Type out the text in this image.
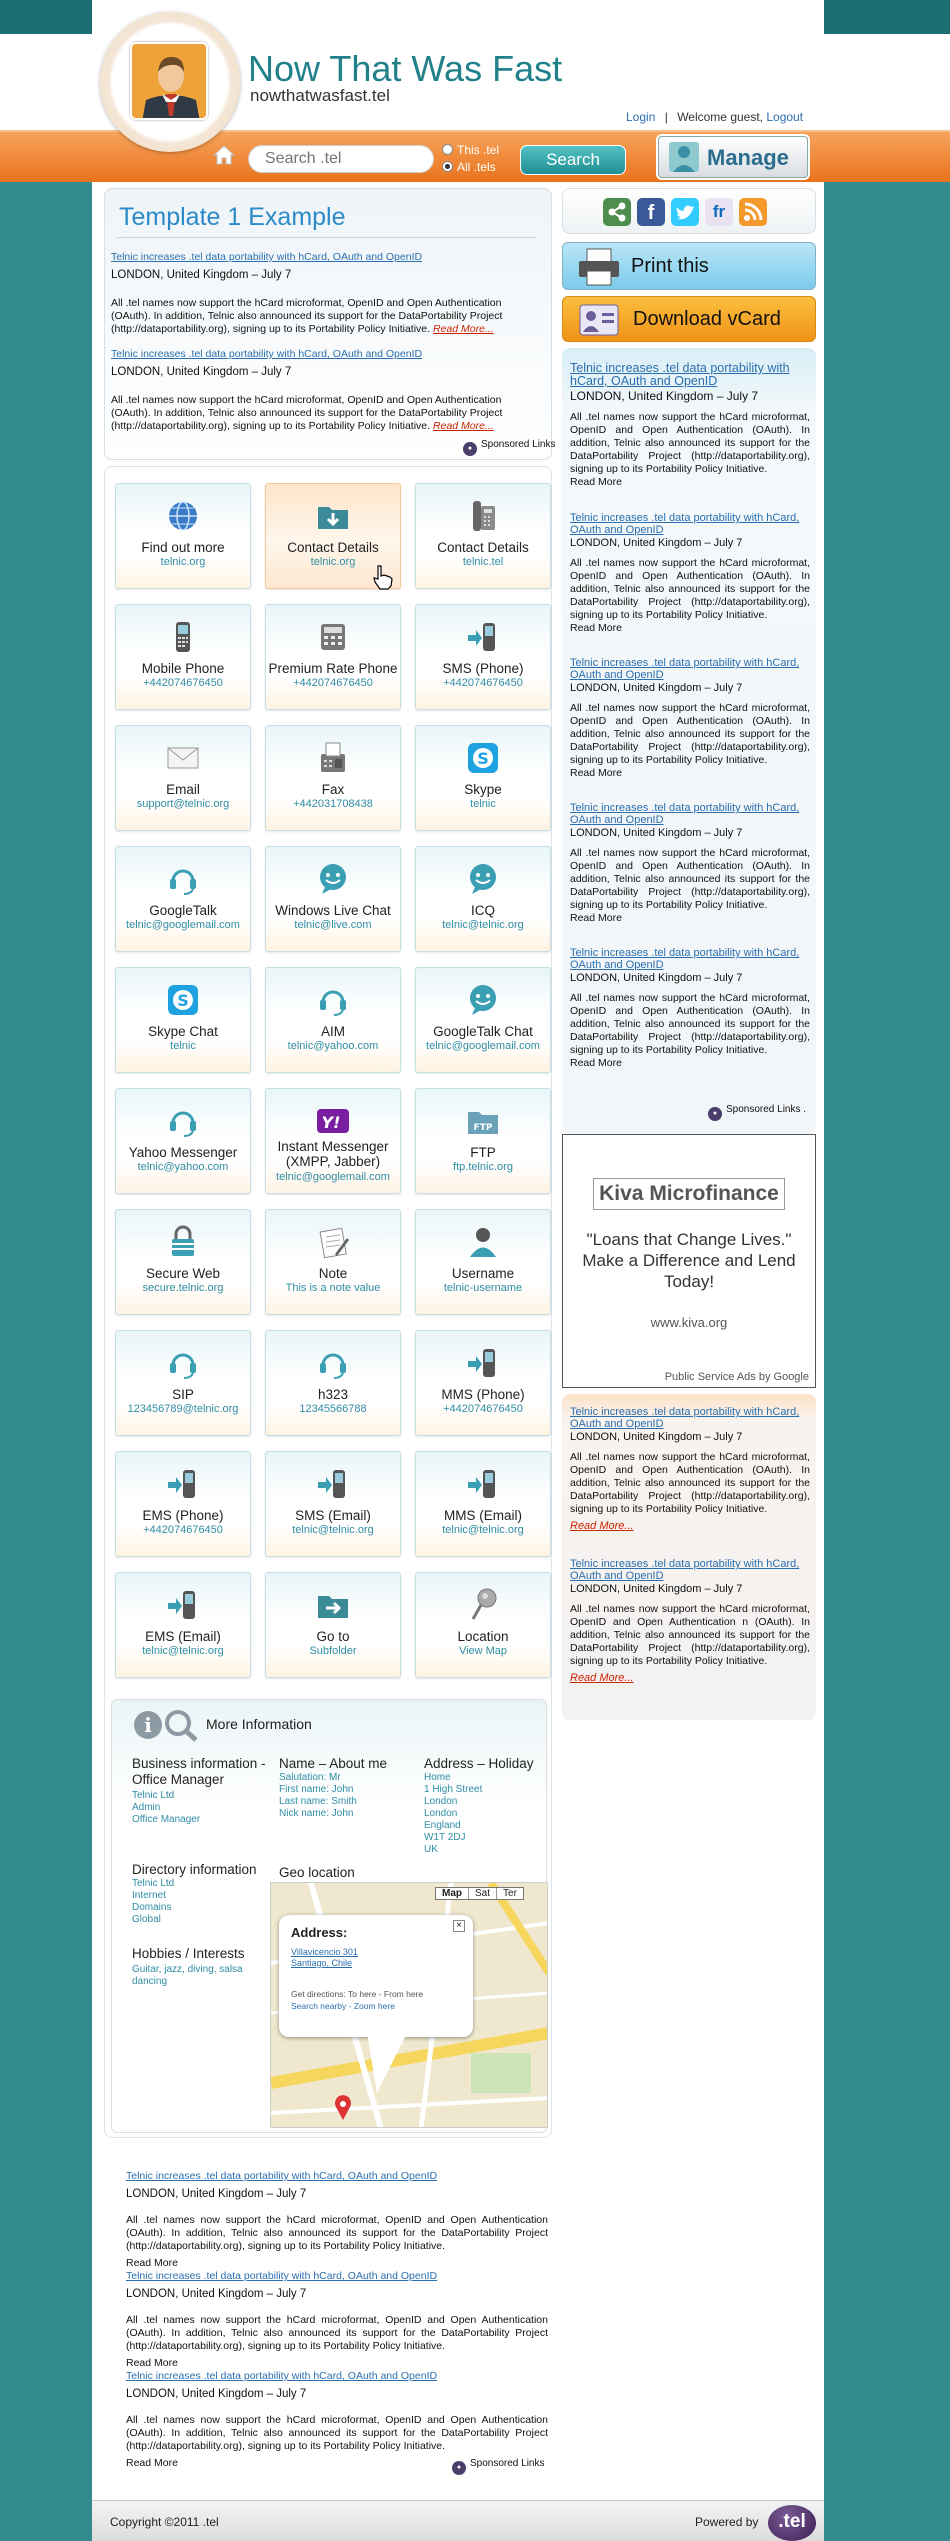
Now That Was Fast
nowthatwasfast.tel
Login | Welcome guest, Logout
Search .tel
This .tel
All .tels	Search	Manage
Template 1 Example
Telnic increases .tel data portability with hCard, OAuth and OpenID
LONDON, United Kingdom – July 7

All .tel names now support the hCard microformat, OpenID and Open Authentication (OAuth). In addition, Telnic also announced its support for the DataPortability Project (http://dataportability.org), signing up to its Portability Policy Initiative. Read More...

Telnic increases .tel data portability with hCard, OAuth and OpenID
LONDON, United Kingdom – July 7

All .tel names now support the hCard microformat, OpenID and Open Authentication (OAuth). In addition, Telnic also announced its support for the DataPortability Project (http://dataportability.org), signing up to its Portability Policy Initiative. Read More...

● Sponsored Links
Find out more
telnic.org
Contact Details
telnic.org
Contact Details
telnic.tel
Mobile Phone
+442074676450
Premium Rate Phone
+442074676450
SMS (Phone)
+442074676450
Email
support@telnic.org
Fax
+442031708438
S
Skype
telnic
GoogleTalk
telnic@googlemail.com
Windows Live Chat
telnic@live.com
ICQ
telnic@telnic.org
S
Skype Chat
telnic
AIM
telnic@yahoo.com
GoogleTalk Chat
telnic@googlemail.com
Yahoo Messenger
telnic@yahoo.com
Y!
Instant Messenger (XMPP, Jabber)
telnic@googlemail.com
FTP
FTP
ftp.telnic.org
Secure Web
secure.telnic.org
Note
This is a note value
Username
telnic-username
SIP
123456789@telnic.org
h323
12345566788
MMS (Phone)
+442074676450
EMS (Phone)
+442074676450
SMS (Email)
telnic@telnic.org
MMS (Email)
telnic@telnic.org
EMS (Email)
telnic@telnic.org
Go to
Subfolder
Location
View Map
i	More Information
Business information - Office Manager
Telnic Ltd
Admin
Office Manager
Name – About me
Salutation: Mr
First name: John
Last name: Smith
Nick name: John
Address – Holiday
Home
1 High Street
London
London
England
W1T 2DJ
UK
Directory information
Telnic Ltd
Internet
Domains
Global
Geo location
Hobbies / Interests
Guitar, jazz, diving, salsa
dancing
Map Sat Ter
Address:	×
Villavicencio 301
Santiago, Chile
Get directions: To here - From here
Search nearby - Zoom here
f	fr
Print this
Download vCard
Telnic increases .tel data portability with hCard, OAuth and OpenID
LONDON, United Kingdom – July 7
All .tel names now support the hCard microformat, OpenID and Open Authentication (OAuth). In addition, Telnic also announced its support for the DataPortability Project (http://dataportability.org), signing up to its Portability Policy Initiative.
Read More
Telnic increases .tel data portability with hCard, OAuth and OpenID
LONDON, United Kingdom – July 7
All .tel names now support the hCard microformat, OpenID and Open Authentication (OAuth). In addition, Telnic also announced its support for the DataPortability Project (http://dataportability.org), signing up to its Portability Policy Initiative.
Read More
Telnic increases .tel data portability with hCard, OAuth and OpenID
LONDON, United Kingdom – July 7
All .tel names now support the hCard microformat, OpenID and Open Authentication (OAuth). In addition, Telnic also announced its support for the DataPortability Project (http://dataportability.org), signing up to its Portability Policy Initiative.
Read More
Telnic increases .tel data portability with hCard, OAuth and OpenID
LONDON, United Kingdom – July 7
All .tel names now support the hCard microformat, OpenID and Open Authentication (OAuth). In addition, Telnic also announced its support for the DataPortability Project (http://dataportability.org), signing up to its Portability Policy Initiative.
Read More
Telnic increases .tel data portability with hCard, OAuth and OpenID
LONDON, United Kingdom – July 7
All .tel names now support the hCard microformat, OpenID and Open Authentication (OAuth). In addition, Telnic also announced its support for the DataPortability Project (http://dataportability.org), signing up to its Portability Policy Initiative.
Read More
● Sponsored Links .
Kiva Microfinance
"Loans that Change Lives." Make a Difference and Lend Today!
www.kiva.org
Public Service Ads by Google
Telnic increases .tel data portability with hCard, OAuth and OpenID
LONDON, United Kingdom – July 7
All .tel names now support the hCard microformat, OpenID and Open Authentication (OAuth). In addition, Telnic also announced its support for the DataPortability Project (http://dataportability.org), signing up to its Portability Policy Initiative.
Read More...
Telnic increases .tel data portability with hCard, OAuth and OpenID
LONDON, United Kingdom – July 7
All .tel names now support the hCard microformat, OpenID and Open Authentication n (OAuth). In addition, Telnic also announced its support for the DataPortability Project (http://dataportability.org), signing up to its Portability Policy Initiative.
Read More...
Telnic increases .tel data portability with hCard, OAuth and OpenID
LONDON, United Kingdom – July 7

All .tel names now support the hCard microformat, OpenID and Open Authentication (OAuth). In addition, Telnic also announced its support for the DataPortability Project (http://dataportability.org), signing up to its Portability Policy Initiative.

Read More
Telnic increases .tel data portability with hCard, OAuth and OpenID
LONDON, United Kingdom – July 7

All .tel names now support the hCard microformat, OpenID and Open Authentication (OAuth). In addition, Telnic also announced its support for the DataPortability Project (http://dataportability.org), signing up to its Portability Policy Initiative.

Read More
Telnic increases .tel data portability with hCard, OAuth and OpenID
LONDON, United Kingdom – July 7

All .tel names now support the hCard microformat, OpenID and Open Authentication (OAuth). In addition, Telnic also announced its support for the DataPortability Project (http://dataportability.org), signing up to its Portability Policy Initiative.

Read More	● Sponsored Links
Copyright ©2011 .tel	Powered by	.tel
